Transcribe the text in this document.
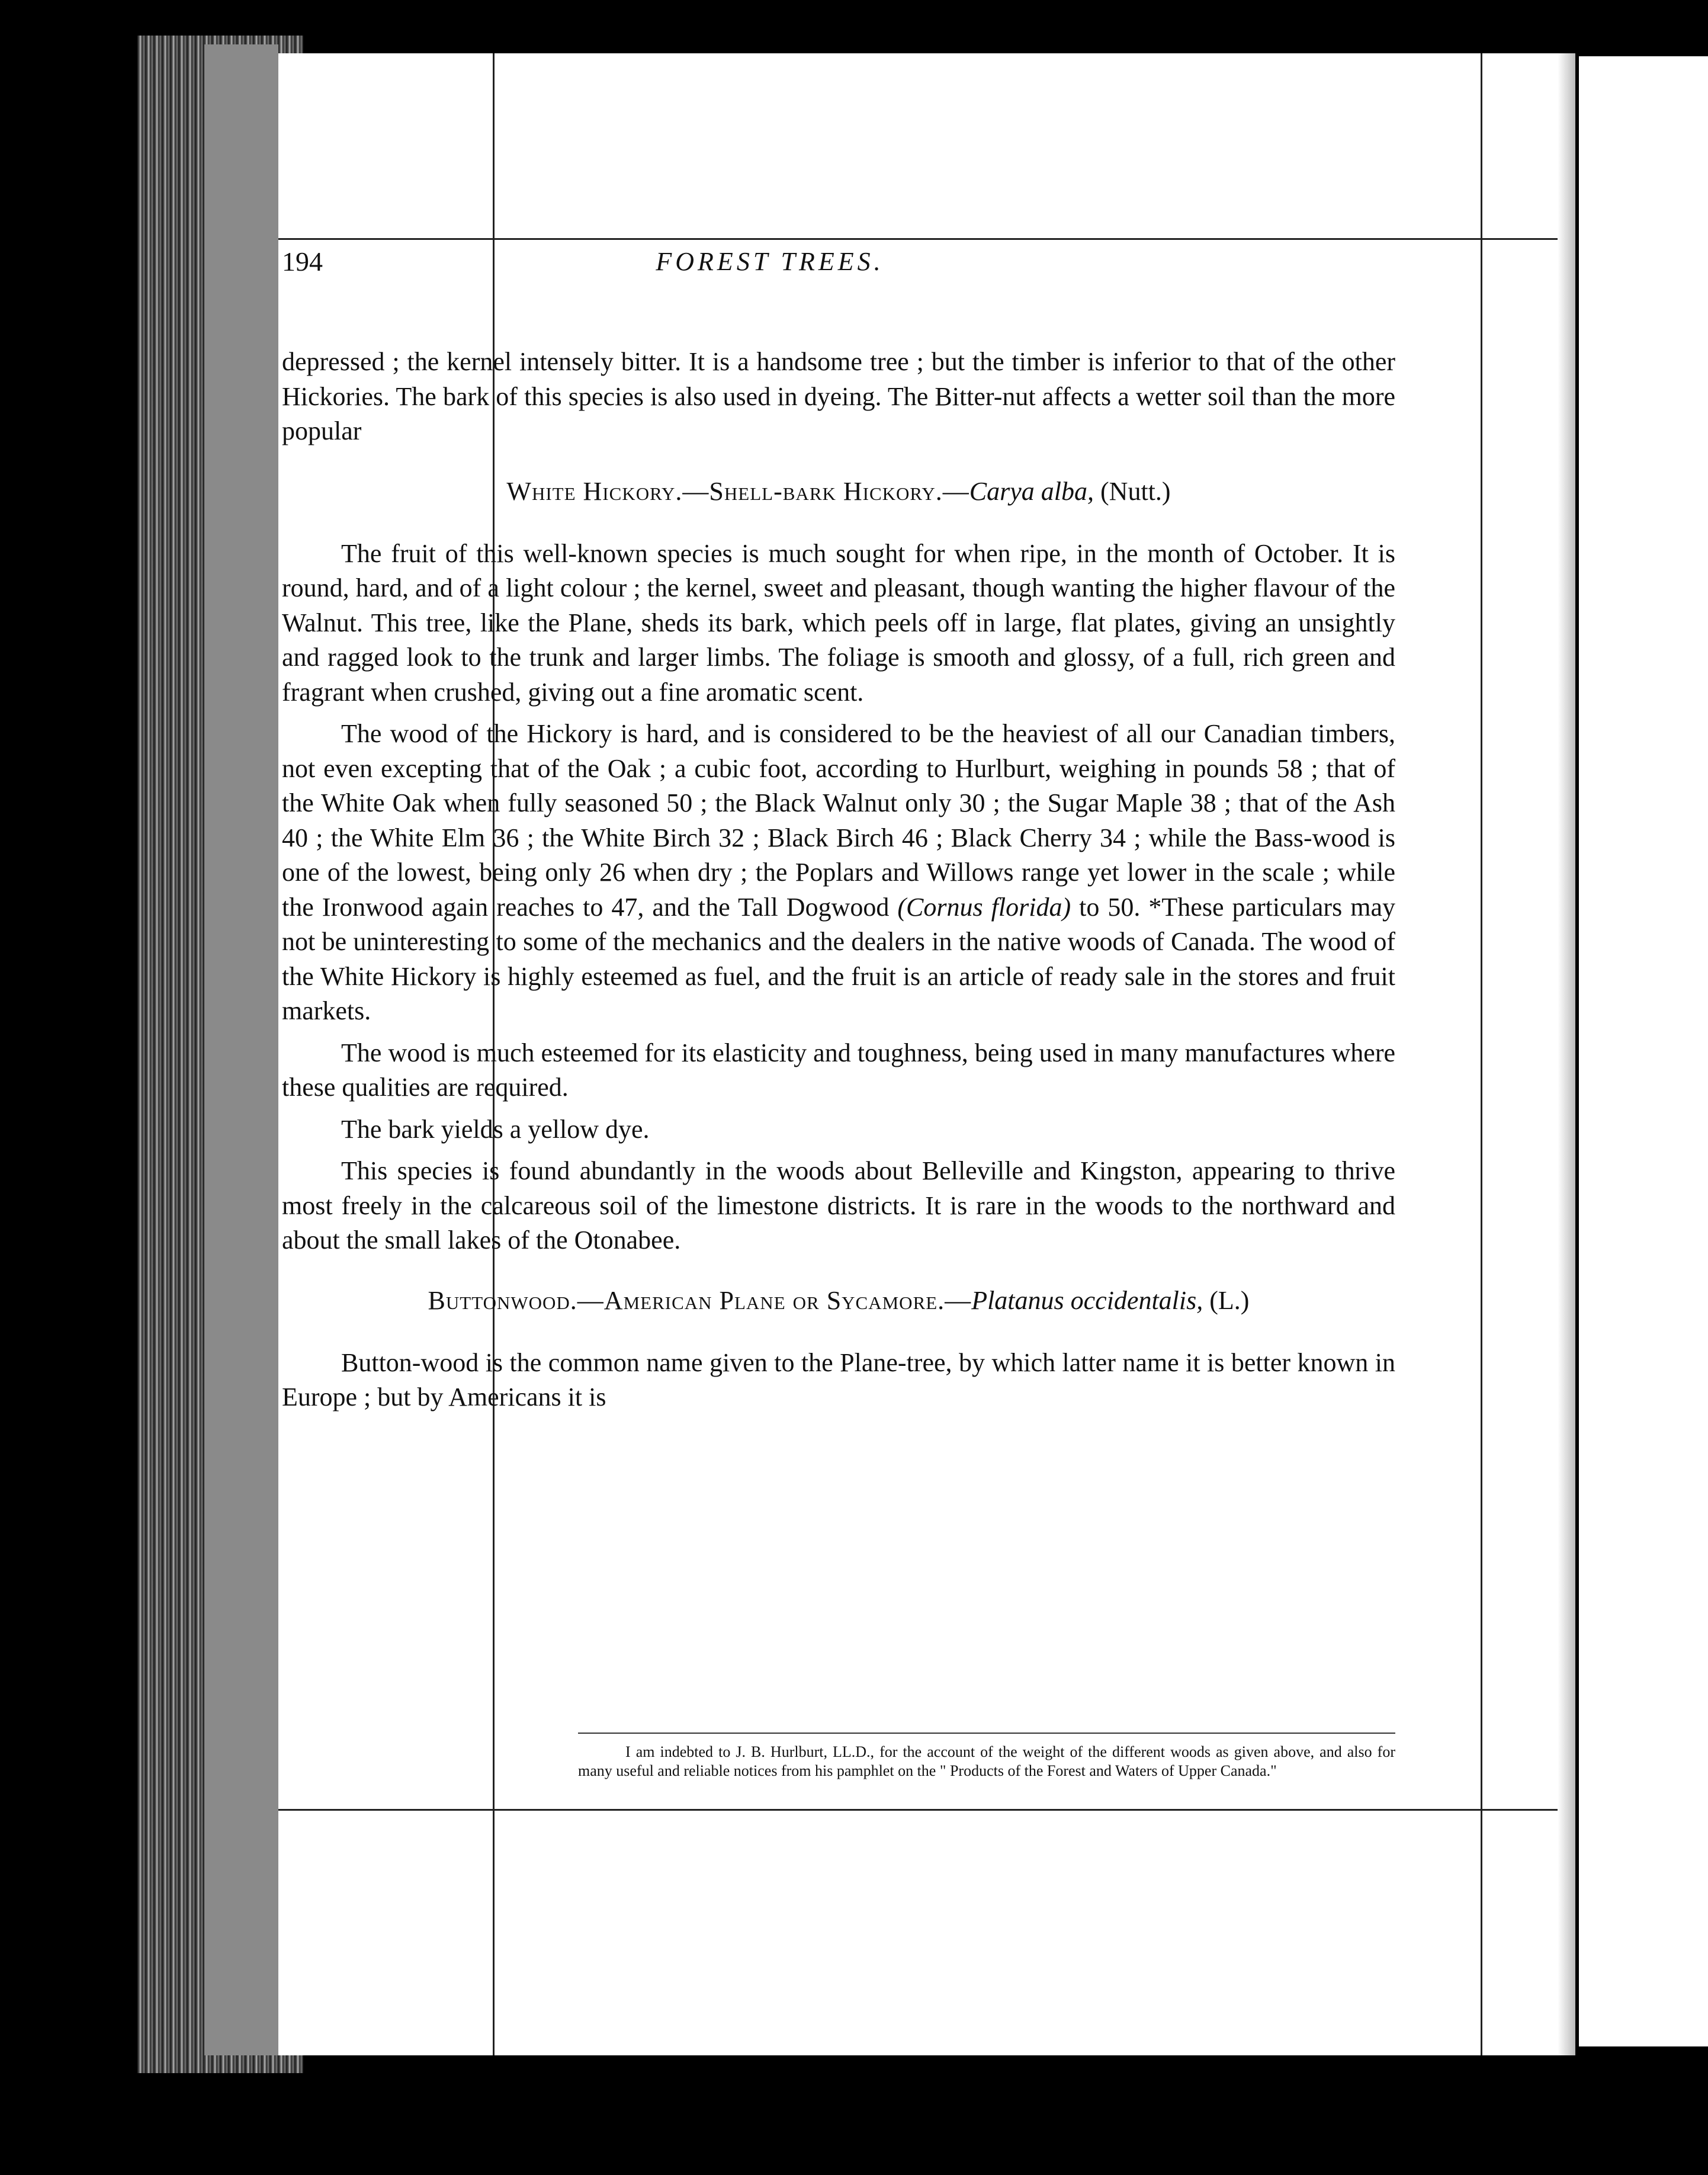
194	FOREST TREES.

depressed ; the kernel intensely bitter. It is a handsome tree ; but the timber is inferior to that of the other Hickories. The bark of this species is also used in dyeing. The Bitter-nut affects a wetter soil than the more popular

White Hickory.—Shell-bark Hickory.—Carya alba, (Nutt.)

The fruit of this well-known species is much sought for when ripe, in the month of October. It is round, hard, and of a light colour ; the kernel, sweet and pleasant, though wanting the higher flavour of the Walnut. This tree, like the Plane, sheds its bark, which peels off in large, flat plates, giving an unsightly and ragged look to the trunk and larger limbs. The foliage is smooth and glossy, of a full, rich green and fragrant when crushed, giving out a fine aromatic scent.

The wood of the Hickory is hard, and is considered to be the heaviest of all our Canadian timbers, not even excepting that of the Oak ; a cubic foot, according to Hurlburt, weighing in pounds 58 ; that of the White Oak when fully seasoned 50 ; the Black Walnut only 30 ; the Sugar Maple 38 ; that of the Ash 40 ; the White Elm 36 ; the White Birch 32 ; Black Birch 46 ; Black Cherry 34 ; while the Bass-wood is one of the lowest, being only 26 when dry ; the Poplars and Willows range yet lower in the scale ; while the Ironwood again reaches to 47, and the Tall Dogwood (Cornus florida) to 50. *These particulars may not be uninteresting to some of the mechanics and the dealers in the native woods of Canada. The wood of the White Hickory is highly esteemed as fuel, and the fruit is an article of ready sale in the stores and fruit markets.

The wood is much esteemed for its elasticity and toughness, being used in many manufactures where these qualities are required.

The bark yields a yellow dye.

This species is found abundantly in the woods about Belleville and Kingston, appearing to thrive most freely in the calcareous soil of the limestone districts. It is rare in the woods to the northward and about the small lakes of the Otonabee.

Buttonwood.—American Plane or Sycamore.—Platanus occidentalis, (L.)

Button-wood is the common name given to the Plane-tree, by which latter name it is better known in Europe ; but by Americans it is

I am indebted to J. B. Hurlburt, LL.D., for the account of the weight of the different woods as given above, and also for many useful and reliable notices from his pamphlet on the " Products of the Forest and Waters of Upper Canada."
